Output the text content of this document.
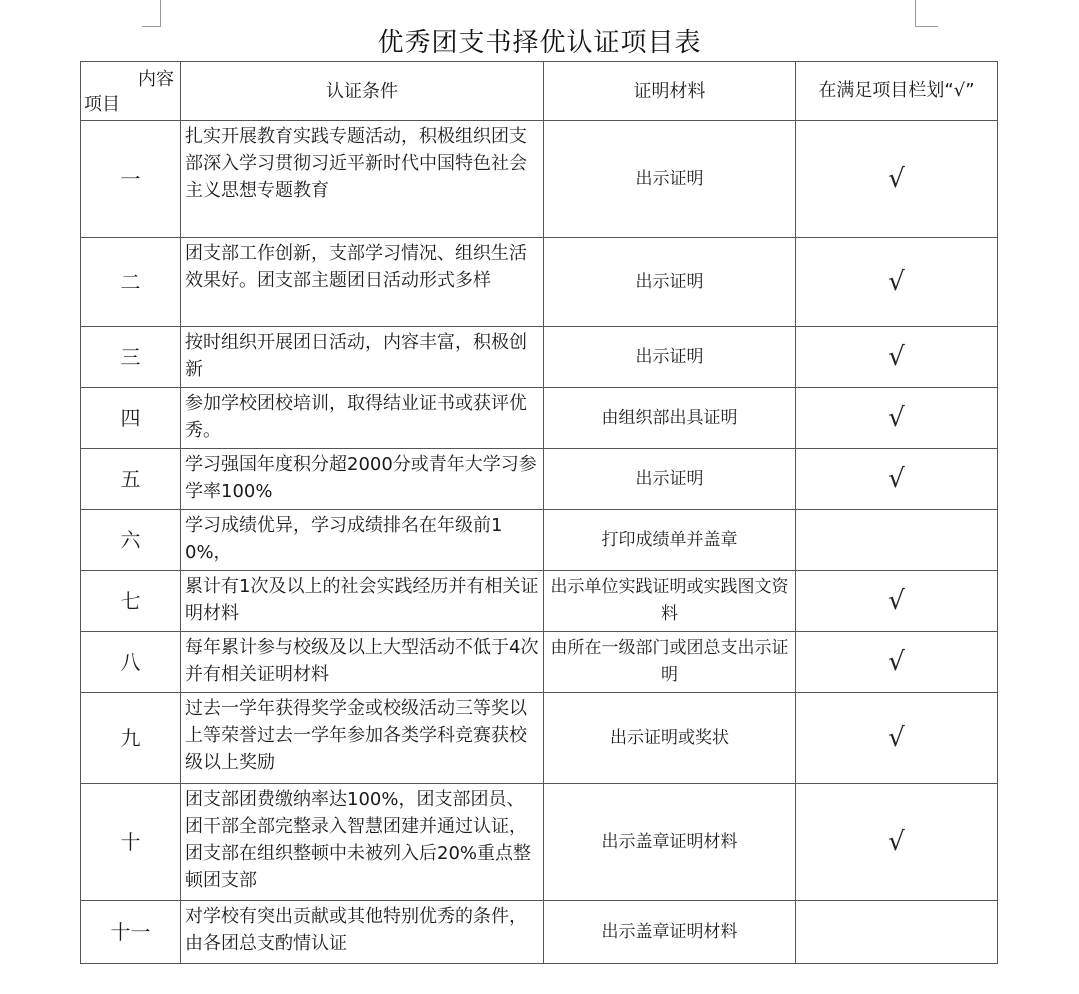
优秀团支书择优认证项目表
内容
项目	认证条件	证明材料	在满足项目栏划“√”
一	扎实开展教育实践专题活动，积极组织团支部深入学习贯彻习近平新时代中国特色社会主义思想专题教育	出示证明	√
二	团支部工作创新，支部学习情况、组织生活效果好。团支部主题团日活动形式多样	出示证明	√
三	按时组织开展团日活动，内容丰富，积极创新	出示证明	√
四	参加学校团校培训，取得结业证书或获评优秀。	由组织部出具证明	√
五	学习强国年度积分超2000分或青年大学习参学率100%	出示证明	√
六	学习成绩优异，学习成绩排名在年级前10%，	打印成绩单并盖章	
七	累计有1次及以上的社会实践经历并有相关证明材料	出示单位实践证明或实践图文资料	√
八	每年累计参与校级及以上大型活动不低于4次并有相关证明材料	由所在一级部门或团总支出示证明	√
九	过去一学年获得奖学金或校级活动三等奖以上等荣誉过去一学年参加各类学科竞赛获校级以上奖励	出示证明或奖状	√
十	团支部团费缴纳率达100%，团支部团员、团干部全部完整录入智慧团建并通过认证，团支部在组织整顿中未被列入后20%重点整顿团支部	出示盖章证明材料	√
十一	对学校有突出贡献或其他特别优秀的条件，由各团总支酌情认证	出示盖章证明材料	
